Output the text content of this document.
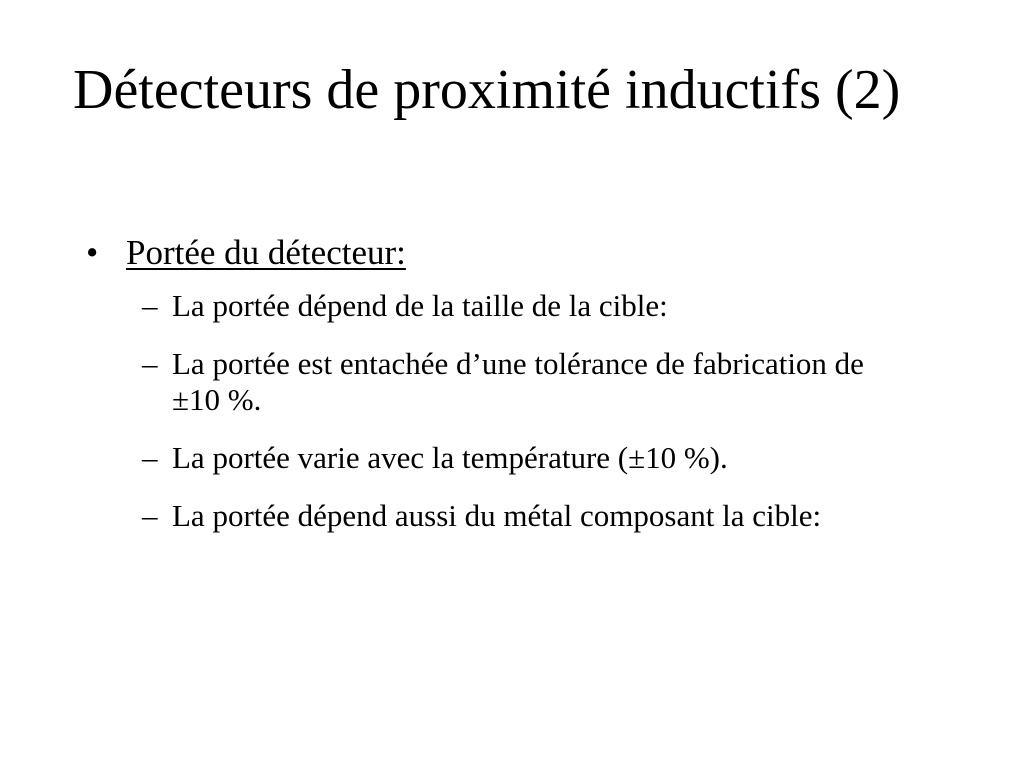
Détecteurs de proximité inductifs (2)
• Portée du détecteur:
– La portée dépend de la taille de la cible:
– La portée est entachée d’une tolérance de fabrication de ±10 %.
– La portée varie avec la température (±10 %).
– La portée dépend aussi du métal composant la cible:
